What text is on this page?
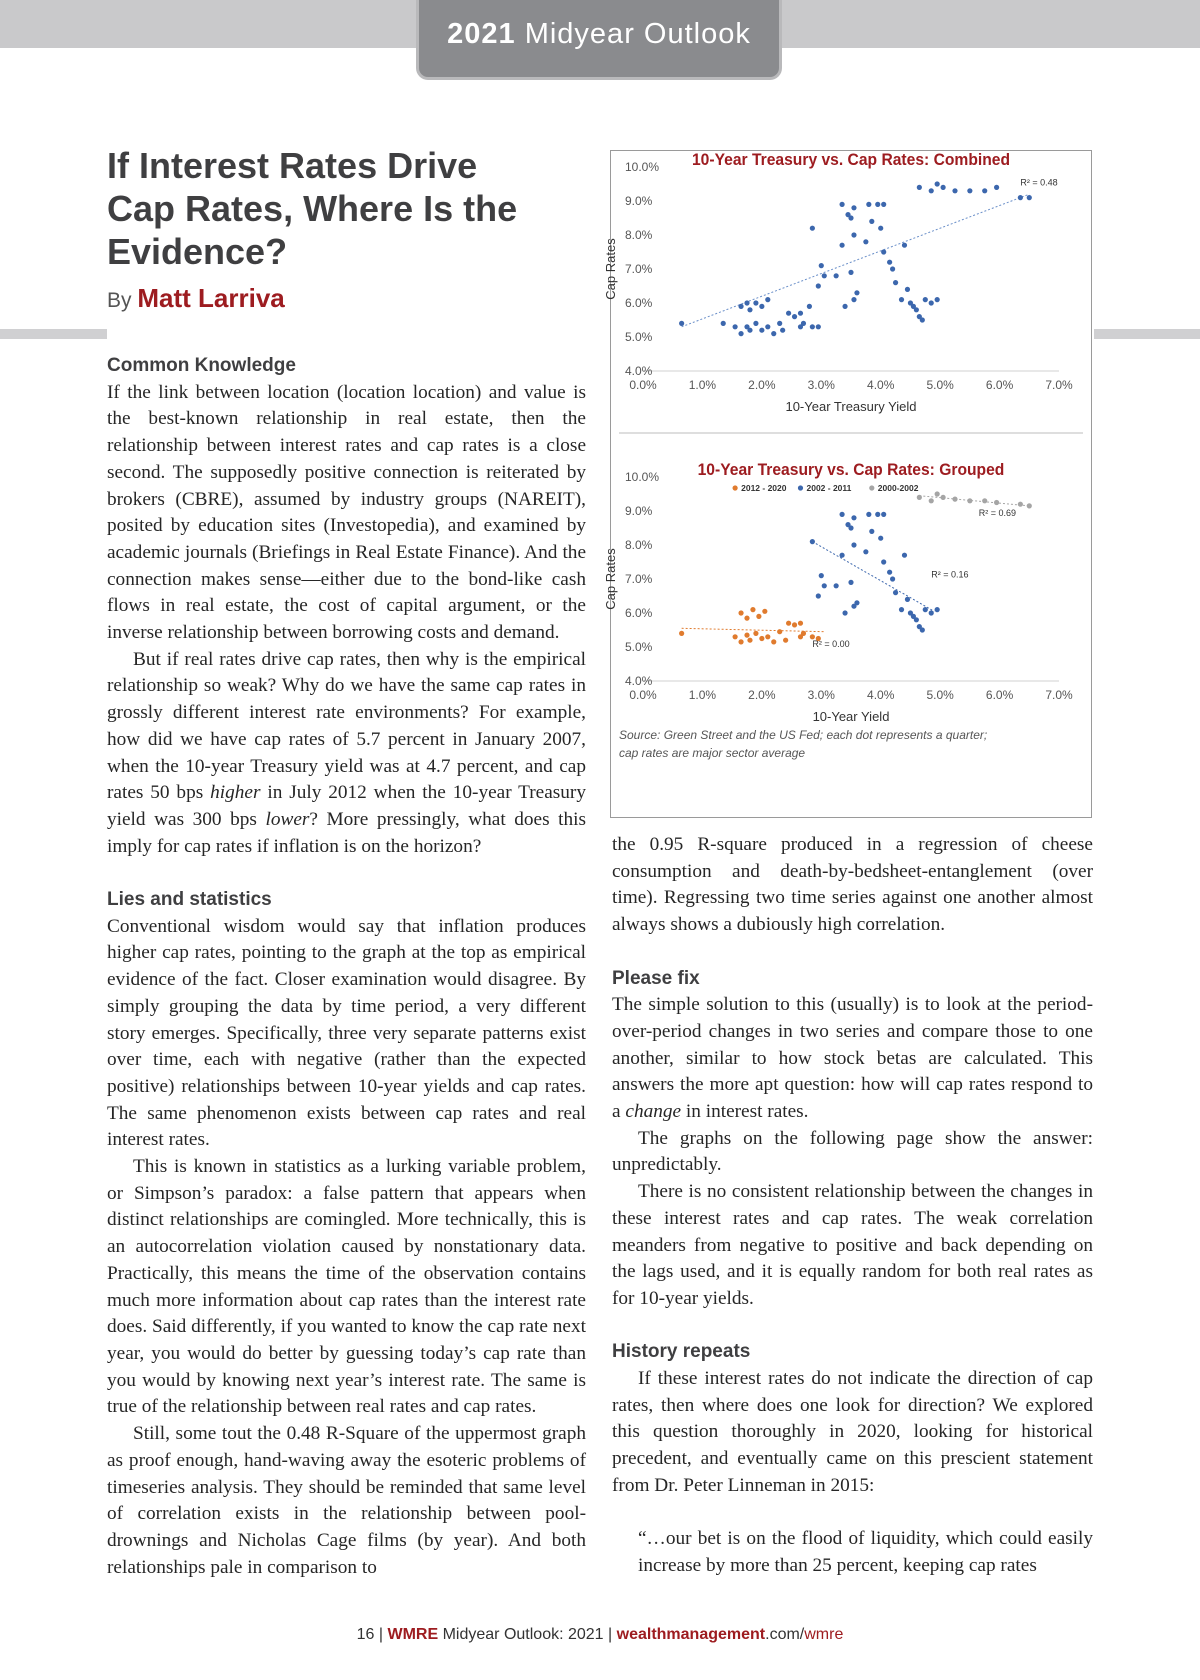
2021 Midyear Outlook
If Interest Rates Drive Cap Rates, Where Is the Evidence?
By Matt Larriva
Common Knowledge

If the link between location (location location) and value is the best-known relationship in real estate, then the relationship between interest rates and cap rates is a close second. The supposedly positive connection is reiterated by brokers (CBRE), assumed by industry groups (NAREIT), posited by education sites (Investopedia), and examined by academic journals (Briefings in Real Estate Finance). And the connection makes sense—either due to the bond-like cash flows in real estate, the cost of capital argument, or the inverse relationship between borrowing costs and demand.

But if real rates drive cap rates, then why is the empirical relationship so weak? Why do we have the same cap rates in grossly different interest rate environments? For example, how did we have cap rates of 5.7 percent in January 2007, when the 10-year Treasury yield was at 4.7 percent, and cap rates 50 bps higher in July 2012 when the 10-year Treasury yield was 300 bps lower? More pressingly, what does this imply for cap rates if inflation is on the horizon?

Lies and statistics

Conventional wisdom would say that inflation produces higher cap rates, pointing to the graph at the top as empirical evidence of the fact. Closer examination would disagree. By simply grouping the data by time period, a very different story emerges. Specifically, three very separate patterns exist over time, each with negative (rather than the expected positive) relationships between 10-year yields and cap rates. The same phenomenon exists between cap rates and real interest rates.

This is known in statistics as a lurking variable problem, or Simpson’s paradox: a false pattern that appears when distinct relationships are comingled. More technically, this is an autocorrelation violation caused by nonstationary data. Practically, this means the time of the observation contains much more information about cap rates than the interest rate does. Said differently, if you wanted to know the cap rate next year, you would do better by guessing today’s cap rate than you would by knowing next year’s interest rate. The same is true of the relationship between real rates and cap rates.

Still, some tout the 0.48 R-Square of the uppermost graph as proof enough, hand-waving away the esoteric problems of timeseries analysis. They should be reminded that same level of correlation exists in the relationship between pool-drownings and Nicholas Cage films (by year). And both relationships pale in comparison to

10-Year Treasury vs. Cap Rates: Combined
4.0%
5.0%
6.0%
7.0%
8.0%
9.0%
10.0%
0.0%	1.0%	2.0%	3.0%	4.0%	5.0%	6.0%	7.0%
10-Year Treasury Yield
Cap Rates
R² = 0.48
10-Year Treasury vs. Cap Rates: Grouped
4.0%
5.0%
6.0%
7.0%
8.0%
9.0%
10.0%
0.0%	1.0%	2.0%	3.0%	4.0%	5.0%	6.0%	7.0%
10-Year Yield
Cap Rates
2012 - 2020 2002 - 2011	2000-2002
R² = 0.00
R² = 0.16
R² = 0.69
Source: Green Street and the US Fed; each dot represents a quarter;
cap rates are major sector average

the 0.95 R-square produced in a regression of cheese consumption and death-by-bedsheet-entanglement (over time). Regressing two time series against one another almost always shows a dubiously high correlation.

Please fix

The simple solution to this (usually) is to look at the period-over-period changes in two series and compare those to one another, similar to how stock betas are calculated. This answers the more apt question: how will cap rates respond to a change in interest rates.

The graphs on the following page show the answer: unpredictably.

There is no consistent relationship between the changes in these interest rates and cap rates. The weak correlation meanders from negative to positive and back depending on the lags used, and it is equally random for both real rates as for 10-year yields.

History repeats

If these interest rates do not indicate the direction of cap rates, then where does one look for direction? We explored this question thoroughly in 2020, looking for historical precedent, and eventually came on this prescient statement from Dr. Peter Linneman in 2015:

“…our bet is on the flood of liquidity, which could easily increase by more than 25 percent, keeping cap rates

16 | WMRE Midyear Outlook: 2021 | wealthmanagement.com/wmre
